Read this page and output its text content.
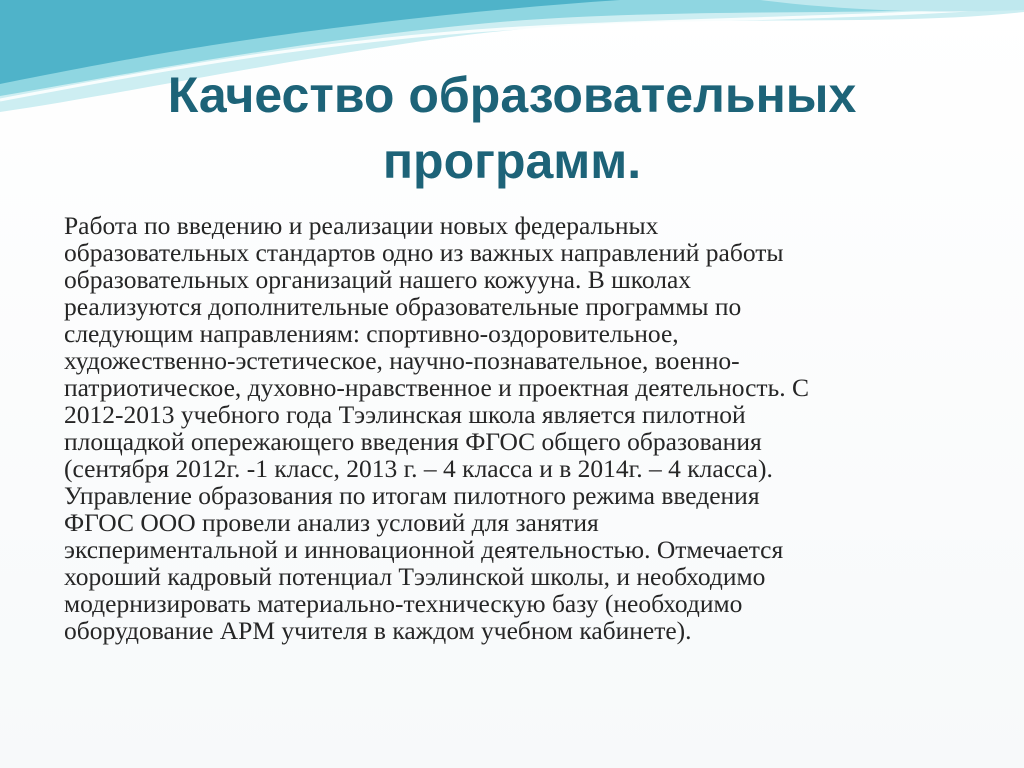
Качество образовательных программ.

Работа по введению и реализации новых федеральных
образовательных стандартов одно из важных направлений работы
образовательных организаций нашего кожууна. В школах
реализуются дополнительные образовательные программы по
следующим направлениям: спортивно-оздоровительное,
художественно-эстетическое, научно-познавательное, военно-
патриотическое, духовно-нравственное и проектная деятельность. С
2012-2013 учебного года Тээлинская школа является пилотной
площадкой опережающего введения ФГОС общего образования
(сентября 2012г. -1 класс, 2013 г. – 4 класса и в 2014г. – 4 класса).
Управление образования по итогам пилотного режима введения
ФГОС ООО провели анализ условий для занятия
экспериментальной и инновационной деятельностью. Отмечается
хороший кадровый потенциал Тээлинской школы, и необходимо
модернизировать материально-техническую базу (необходимо
оборудование АРМ учителя в каждом учебном кабинете).
